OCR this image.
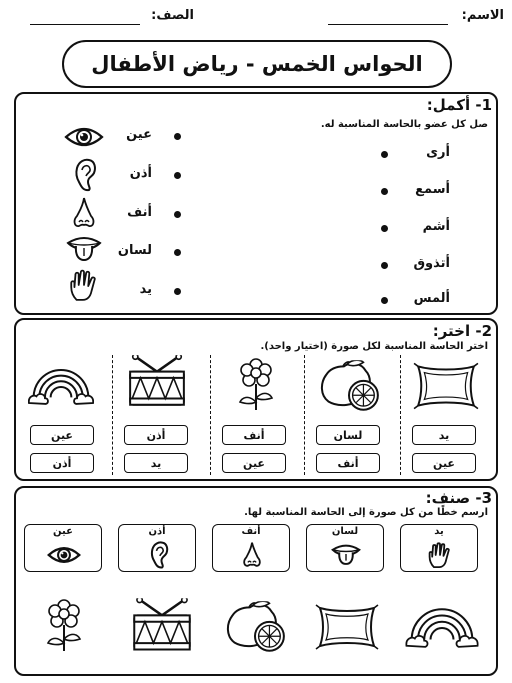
الاسم:
الصف:
الحواس الخمس - رياض الأطفال
1- أكمل:
صل كل عضو بالحاسة المناسبة له.
عين
أذن
أنف
لسان
يد
أرى
أسمع
أشم
أتذوق
ألمس
2- اختر:
اختر الحاسة المناسبة لكل صورة (اختيار واحد).
عين
أذن
أذن
يد
أنف
عين
لسان
أنف
يد
عين
3- صنف:
ارسم خطًا من كل صورة إلى الحاسة المناسبة لها.
عين	أذن	أنف	لسان	يد
